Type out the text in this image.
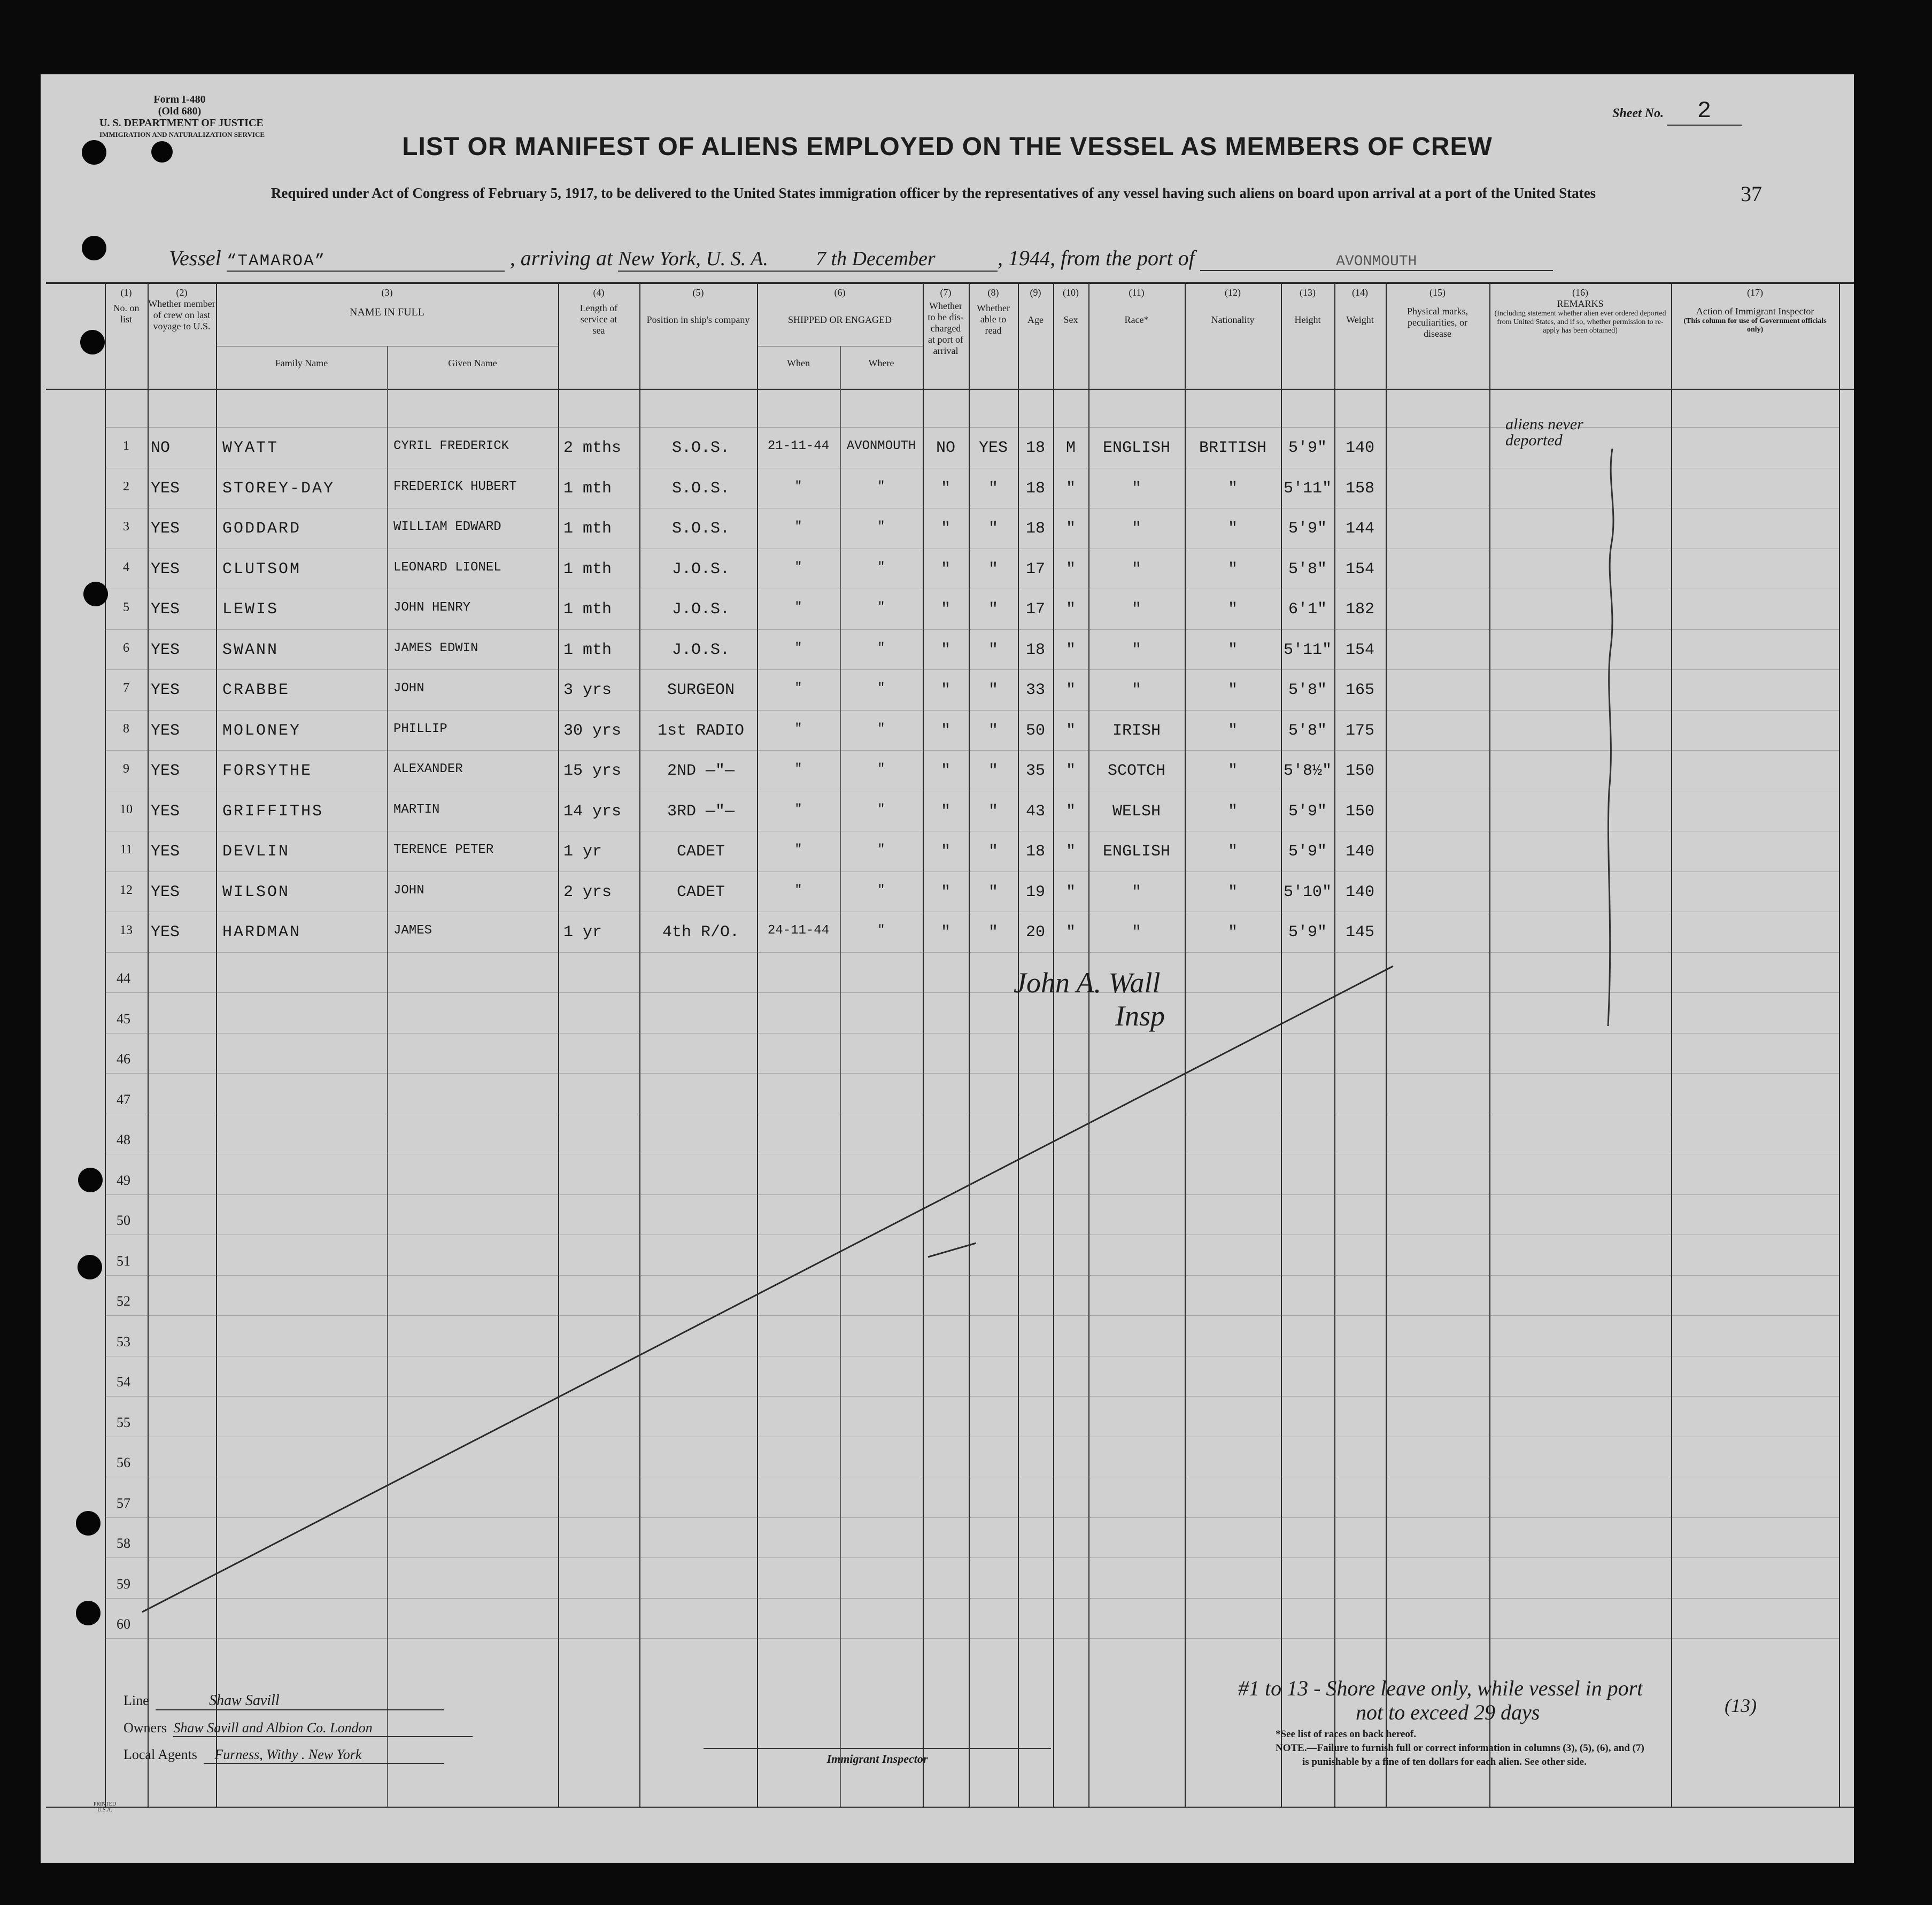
Form I-480
(Old 680)
U. S. DEPARTMENT OF JUSTICE
IMMIGRATION AND NATURALIZATION SERVICE
Sheet No. 2
37
LIST OR MANIFEST OF ALIENS EMPLOYED ON THE VESSEL AS MEMBERS OF CREW
Required under Act of Congress of February 5, 1917, to be delivered to the United States immigration officer by the representatives of any vessel having such aliens on board upon arrival at a port of the United States
Vessel “TAMAROA”	, arriving at New York, U. S. A. 7 th December	, 1944, from the port of	AVONMOUTH
(1)
No. on list
(2)
Whether member of crew on last voyage to U.S.
(3)
NAME IN FULL
Family Name	Given Name
(4)
Length of service at sea
(5)
Position in ship's company
(6)
SHIPPED OR ENGAGED
When	Where
(7)
Whether to be dis-charged at port of arrival
(8)
Whether able to read
(9)
Age
(10)
Sex
(11)
Race*
(12)
Nationality
(13)
Height
(14)
Weight
(15)
Physical marks, peculiarities, or disease
(16)
REMARKS
(Including statement whether alien ever ordered deported from United States, and if so, whether permission to re-apply has been obtained)
(17)
Action of Immigrant Inspector
(This column for use of Government officials only)
1	NO	WYATT	CYRIL FREDERICK	2 mths	S.O.S.	21-11-44	AVONMOUTH	NO	YES	18	M	ENGLISH	BRITISH	5'9"	140
2	YES	STOREY-DAY	FREDERICK HUBERT	1 mth	S.O.S.	"	"	"	"	18	"	"	"	5'11" 158
3	YES	GODDARD	WILLIAM EDWARD	1 mth	S.O.S.	"	"	"	"	18	"	"	"	5'9"	144
4	YES	CLUTSOM	LEONARD LIONEL	1 mth	J.O.S.	"	"	"	"	17	"	"	"	5'8"	154
5	YES	LEWIS	JOHN HENRY	1 mth	J.O.S.	"	"	"	"	17	"	"	"	6'1"	182
6	YES	SWANN	JAMES EDWIN	1 mth	J.O.S.	"	"	"	"	18	"	"	"	5'11" 154
7	YES	CRABBE	JOHN	3 yrs	SURGEON	"	"	"	"	33	"	"	"	5'8"	165
8	YES	MOLONEY	PHILLIP	30 yrs	1st RADIO	"	"	"	"	50	"	IRISH	"	5'8"	175
9	YES	FORSYTHE	ALEXANDER	15 yrs	2ND —"—	"	"	"	"	35	"	SCOTCH	"	5'8½" 150
10	YES	GRIFFITHS	MARTIN	14 yrs	3RD —"—	"	"	"	"	43	"	WELSH	"	5'9"	150
11	YES	DEVLIN	TERENCE PETER	1 yr	CADET	"	"	"	"	18	"	ENGLISH	"	5'9"	140
12	YES	WILSON	JOHN	2 yrs	CADET	"	"	"	"	19	"	"	"	5'10" 140
13	YES	HARDMAN	JAMES	1 yr	4th R/O.	24-11-44	"	"	"	20	"	"	"	5'9"	145
44
45
46
47
48
49
50
51
52
53
54
55
56
57
58
59
60
aliens never deported
John A. Wall
Insp
Line	Shaw Savill
Owners Shaw Savill and Albion Co. London
Local Agents Furness, Withy . New York	Immigrant Inspector
#1 to 13 - Shore leave only, while vessel in port
not to exceed 29 days	(13)
*See list of races on back hereof.
NOTE.—Failure to furnish full or correct information in columns (3), (5), (6), and (7)
is punishable by a fine of ten dollars for each alien. See other side.
PRINTED U.S.A.
